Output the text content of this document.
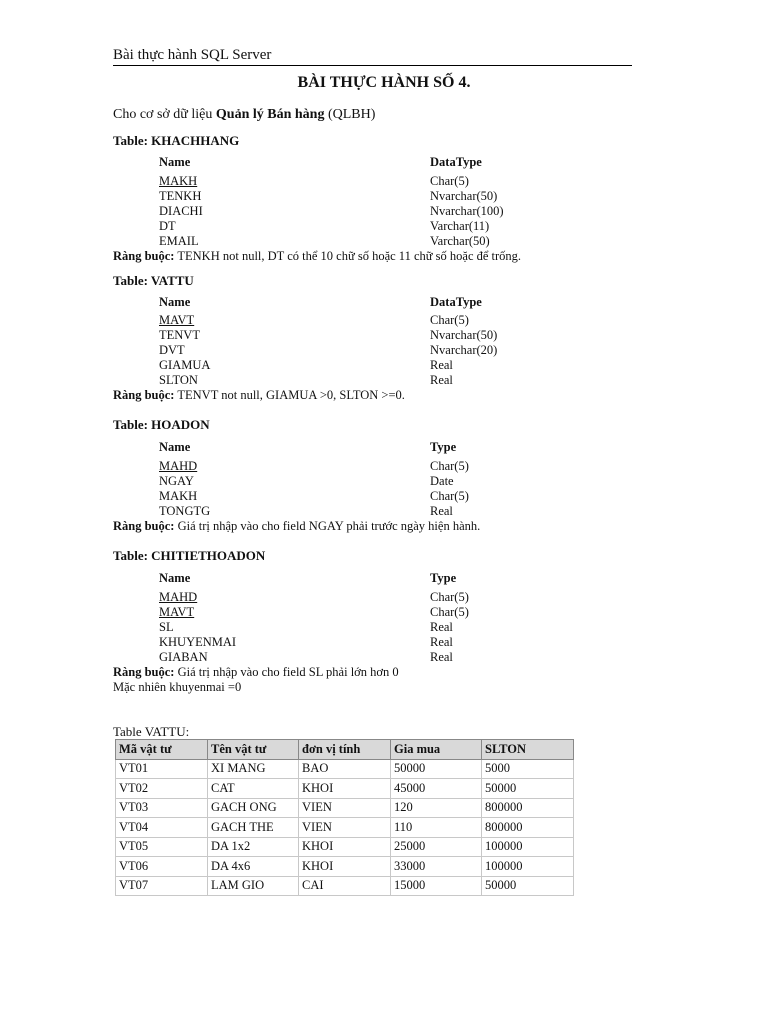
Bài thực hành SQL Server
BÀI THỰC HÀNH SỐ 4.
Cho cơ sở dữ liệu Quản lý Bán hàng (QLBH)
Table: KHACHHANG
Name	DataType
MAKH	Char(5)
TENKH	Nvarchar(50)
DIACHI	Nvarchar(100)
DT	Varchar(11)
EMAIL	Varchar(50)
Ràng buộc: TENKH not null, DT có thể 10 chữ số hoặc 11 chữ số hoặc để trống.
Table: VATTU
Name	DataType
MAVT	Char(5)
TENVT	Nvarchar(50)
DVT	Nvarchar(20)
GIAMUA	Real
SLTON	Real
Ràng buộc: TENVT not null, GIAMUA >0, SLTON >=0.
Table: HOADON
Name	Type
MAHD	Char(5)
NGAY	Date
MAKH	Char(5)
TONGTG	Real
Ràng buộc: Giá trị nhập vào cho field NGAY phải trước ngày hiện hành.
Table: CHITIETHOADON
Name	Type
MAHD	Char(5)
MAVT	Char(5)
SL	Real
KHUYENMAI	Real
GIABAN	Real
Ràng buộc: Giá trị nhập vào cho field SL phải lớn hơn 0
Mặc nhiên khuyenmai =0
Table VATTU:
Mã vật tư	Tên vật tư	đơn vị tính	Gia mua	SLTON
VT01	XI MANG	BAO	50000	5000
VT02	CAT	KHOI	45000	50000
VT03	GACH ONG	VIEN	120	800000
VT04	GACH THE	VIEN	110	800000
VT05	DA 1x2	KHOI	25000	100000
VT06	DA 4x6	KHOI	33000	100000
VT07	LAM GIO	CAI	15000	50000
